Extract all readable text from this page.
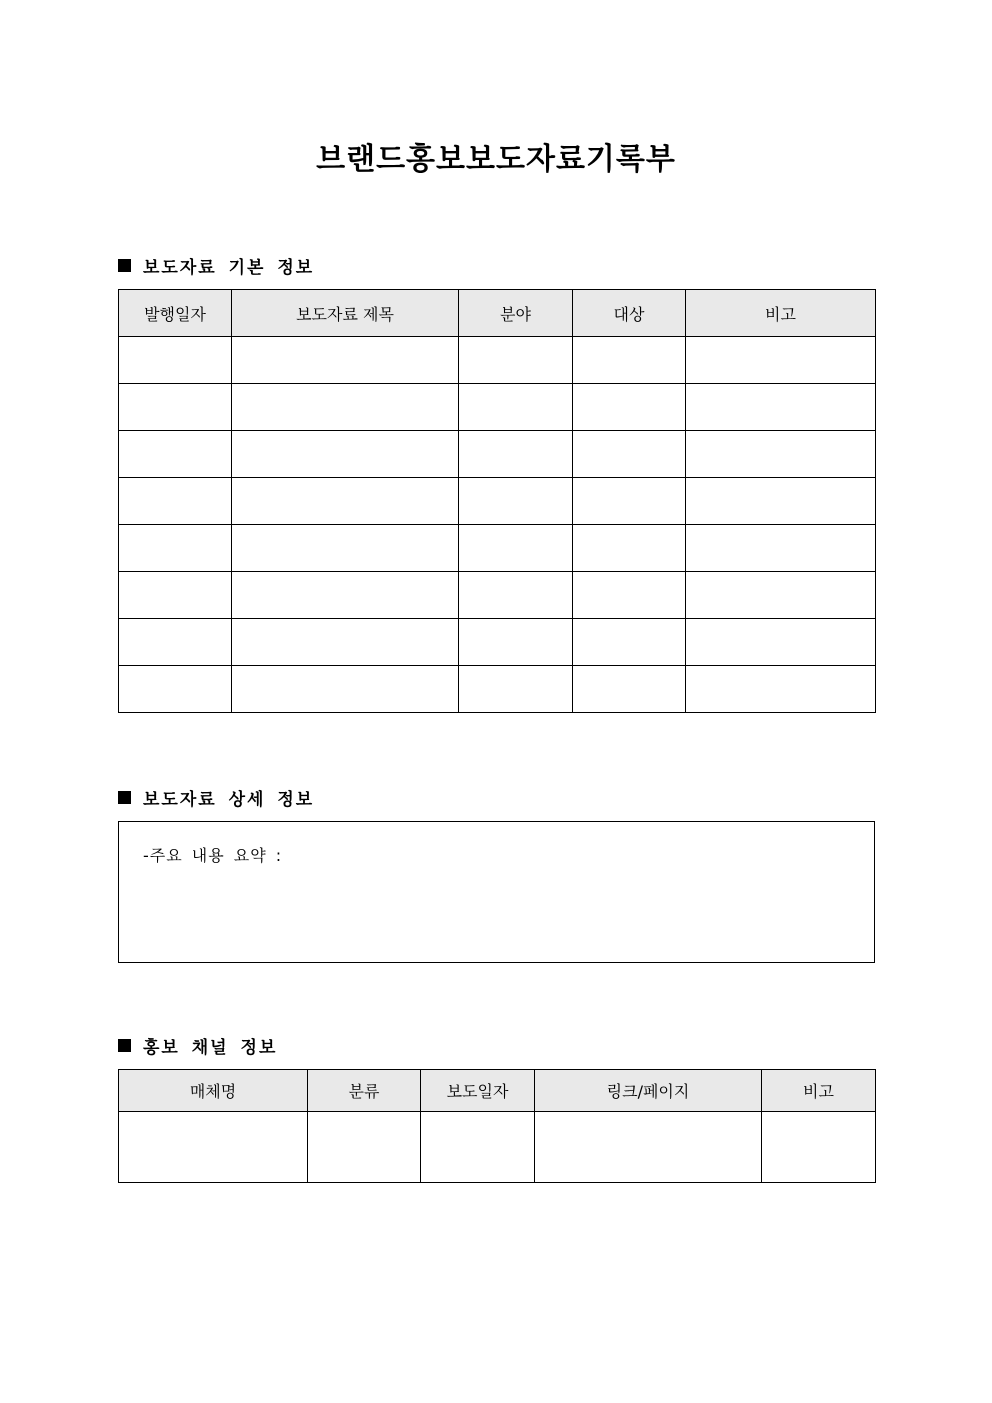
브랜드홍보보도자료기록부
보도자료 기본 정보
발행일자	보도자료 제목	분야	대상	비고

보도자료 상세 정보
-주요 내용 요약 :
홍보 채널 정보
매체명	분류	보도일자	링크/페이지	비고
